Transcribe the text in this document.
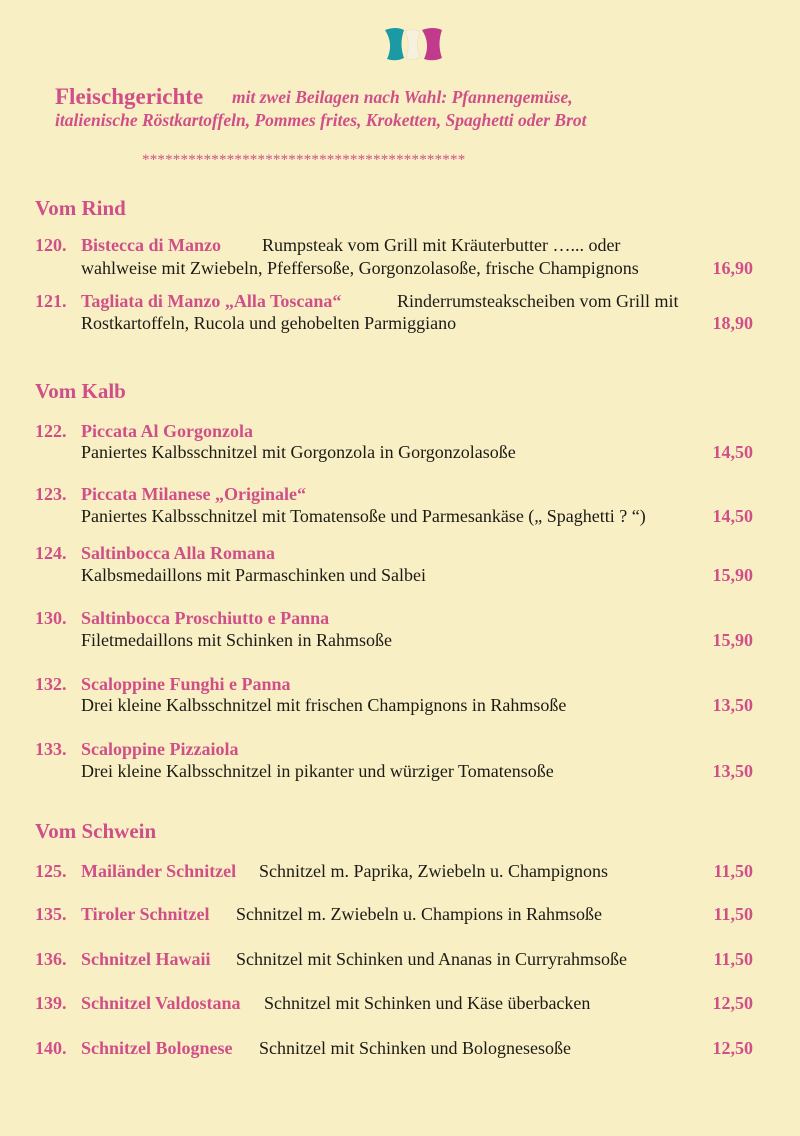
Fleischgerichte mit zwei Beilagen nach Wahl: Pfannengemüse,
italienische Röstkartoffeln, Pommes frites, Kroketten, Spaghetti oder Brot
******************************************
Vom Rind
120. Bistecca di Manzo Rumpsteak vom Grill mit Kräuterbutter …... oder
wahlweise mit Zwiebeln, Pfeffersoße, Gorgonzolasoße, frische Champignons	16,90
121. Tagliata di Manzo „Alla Toscana“	Rinderrumsteakscheiben vom Grill mit
Rostkartoffeln, Rucola und gehobelten Parmiggiano	18,90
Vom Kalb
122. Piccata Al Gorgonzola
Paniertes Kalbsschnitzel mit Gorgonzola in Gorgonzolasoße	14,50
123. Piccata Milanese „Originale“
Paniertes Kalbsschnitzel mit Tomatensoße und Parmesankäse („ Spaghetti ? “)	14,50
124. Saltinbocca Alla Romana
Kalbsmedaillons mit Parmaschinken und Salbei	15,90
130. Saltinbocca Proschiutto e Panna
Filetmedaillons mit Schinken in Rahmsoße	15,90
132. Scaloppine Funghi e Panna
Drei kleine Kalbsschnitzel mit frischen Champignons in Rahmsoße	13,50
133. Scaloppine Pizzaiola
Drei kleine Kalbsschnitzel in pikanter und würziger Tomatensoße	13,50
Vom Schwein
125. Mailänder Schnitzel Schnitzel m. Paprika, Zwiebeln u. Champignons	11,50
135. Tiroler Schnitzel Schnitzel m. Zwiebeln u. Champions in Rahmsoße	11,50
136. Schnitzel Hawaii Schnitzel mit Schinken und Ananas in Curryrahmsoße	11,50
139. Schnitzel Valdostana Schnitzel mit Schinken und Käse überbacken	12,50
140. Schnitzel Bolognese Schnitzel mit Schinken und Bolognesesoße	12,50
